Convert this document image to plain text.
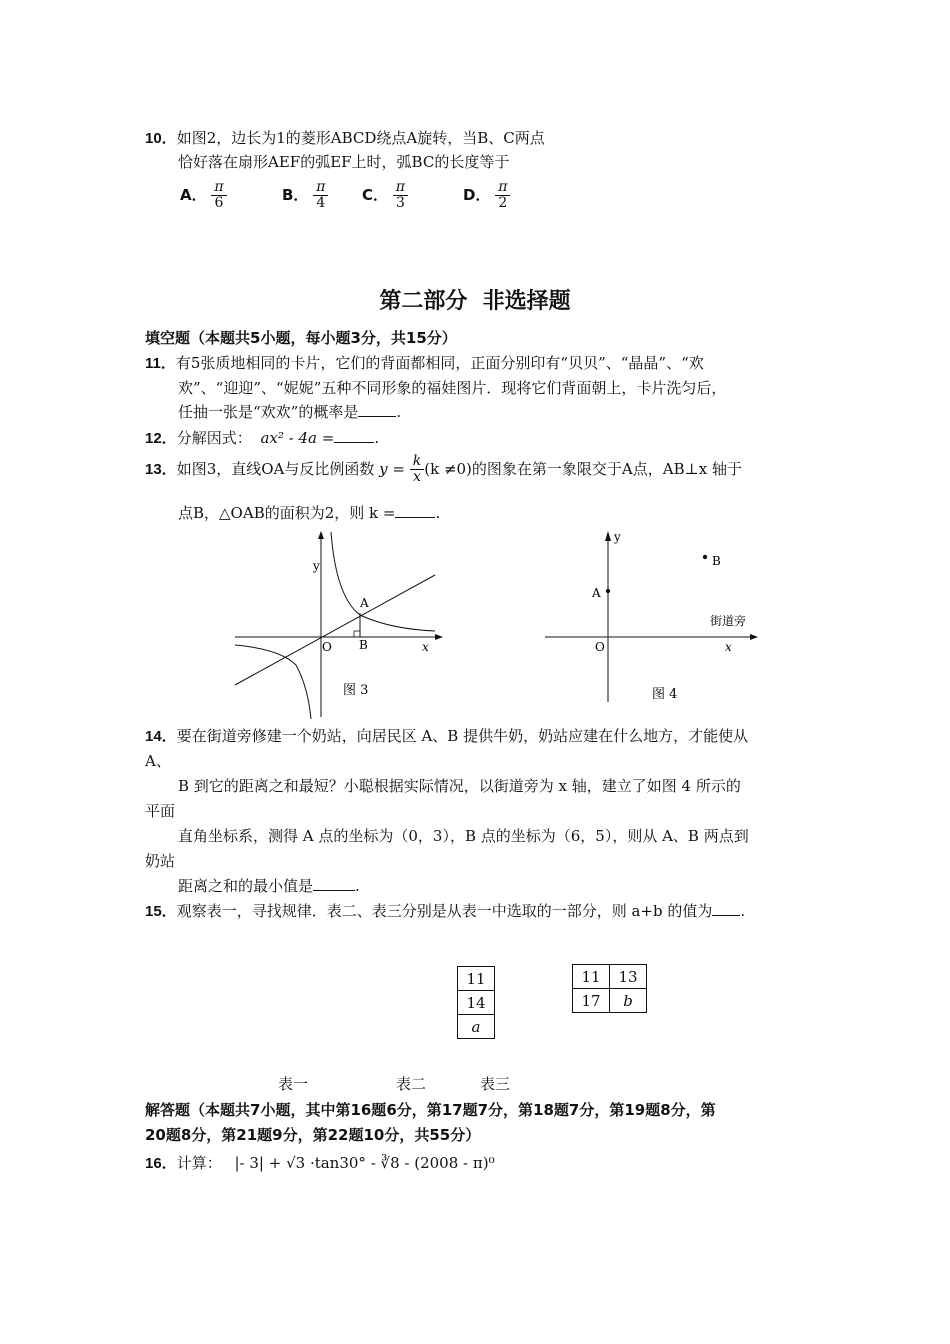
10．如图2，边长为1的菱形ABCD绕点A旋转，当B、C两点
恰好落在扇形AEF的弧EF上时，弧BC的长度等于
A． $\frac{\pi}{6}$	B． $\frac{\pi}{4}$ C． $\frac{\pi}{3}$	D． $\frac{\pi}{2}$
第二部分  非选择题
填空题（本题共5小题，每小题3分，共15分）
11．有5张质地相同的卡片，它们的背面都相同，正面分别印有“贝贝”、“晶晶”、“欢
欢”、“迎迎”、“妮妮”五种不同形象的福娃图片．现将它们背面朝上，卡片洗匀后，
任抽一张是“欢欢”的概率是	.
12．分解因式： ax² - 4a =	.
13．如图3，直线OA与反比例函数 $y = \frac{k}{x} (k \ne 0)$的图象在第一象限交于A点，AB⊥x 轴于
点B，△OAB的面积为2，则 k =	.
y
x
O
A
B
图 3
y
x
O
A
B
街道旁
图 4
14．要在街道旁修建一个奶站，向居民区 A、B 提供牛奶，奶站应建在什么地方，才能使从
A、
B 到它的距离之和最短？小聪根据实际情况，以街道旁为 x 轴，建立了如图 4 所示的
平面
直角坐标系，测得 A 点的坐标为（0，3），B 点的坐标为（6，5），则从 A、B 两点到
奶站
距离之和的最小值是	.
15．观察表一，寻找规律．表二、表三分别是从表一中选取的一部分，则 a+b 的值为 .
11
14
a
11	13
17	b
表一	表二	表三
解答题（本题共7小题，其中第16题6分，第17题7分，第18题7分，第19题8分，第
20题8分，第21题9分，第22题10分，共55分）
16．计算： |- 3| + √3 ·tan30° - ∛8 - (2008 - π)⁰
